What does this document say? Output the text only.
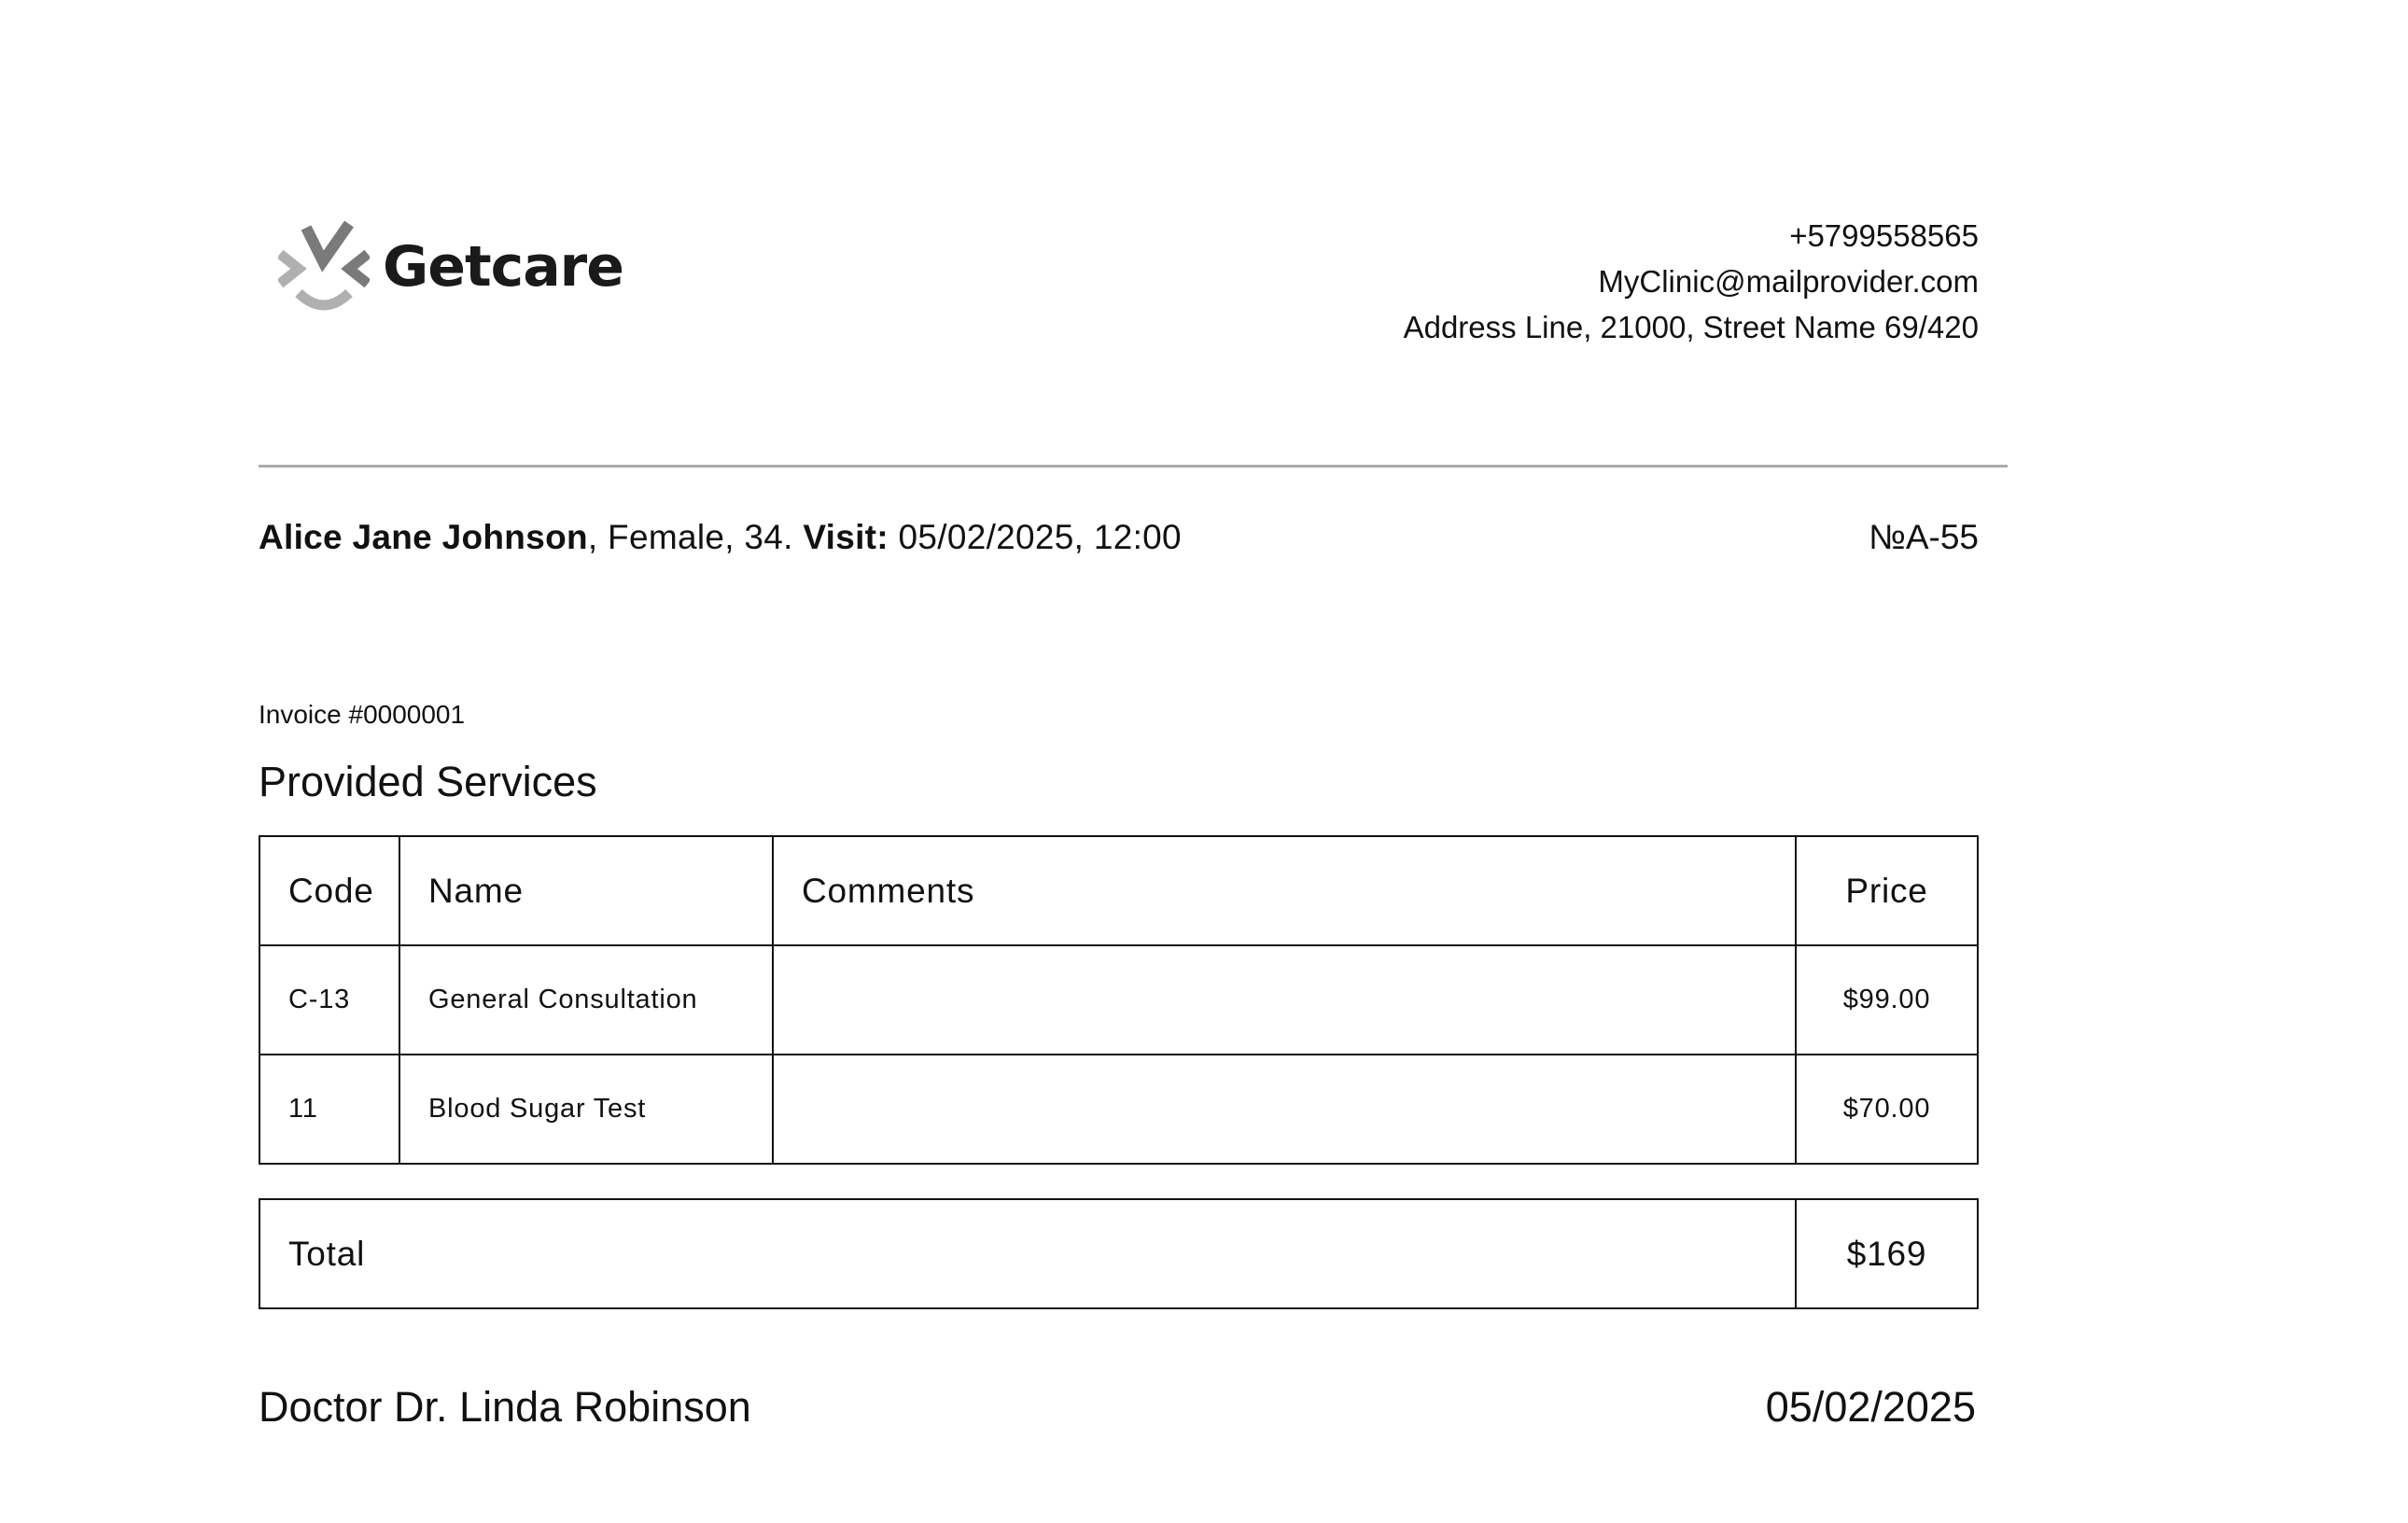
Getcare	+5799558565
MyClinic@mailprovider.com
Address Line, 21000, Street Name 69/420
Alice Jane Johnson, Female, 34. Visit: 05/02/2025, 12:00	№A-55
Invoice #0000001
Provided Services
Code	Name	Comments	Price
C-13	General Consultation		$99.00
11	Blood Sugar Test		$70.00
Total	$169
Doctor Dr. Linda Robinson	05/02/2025
